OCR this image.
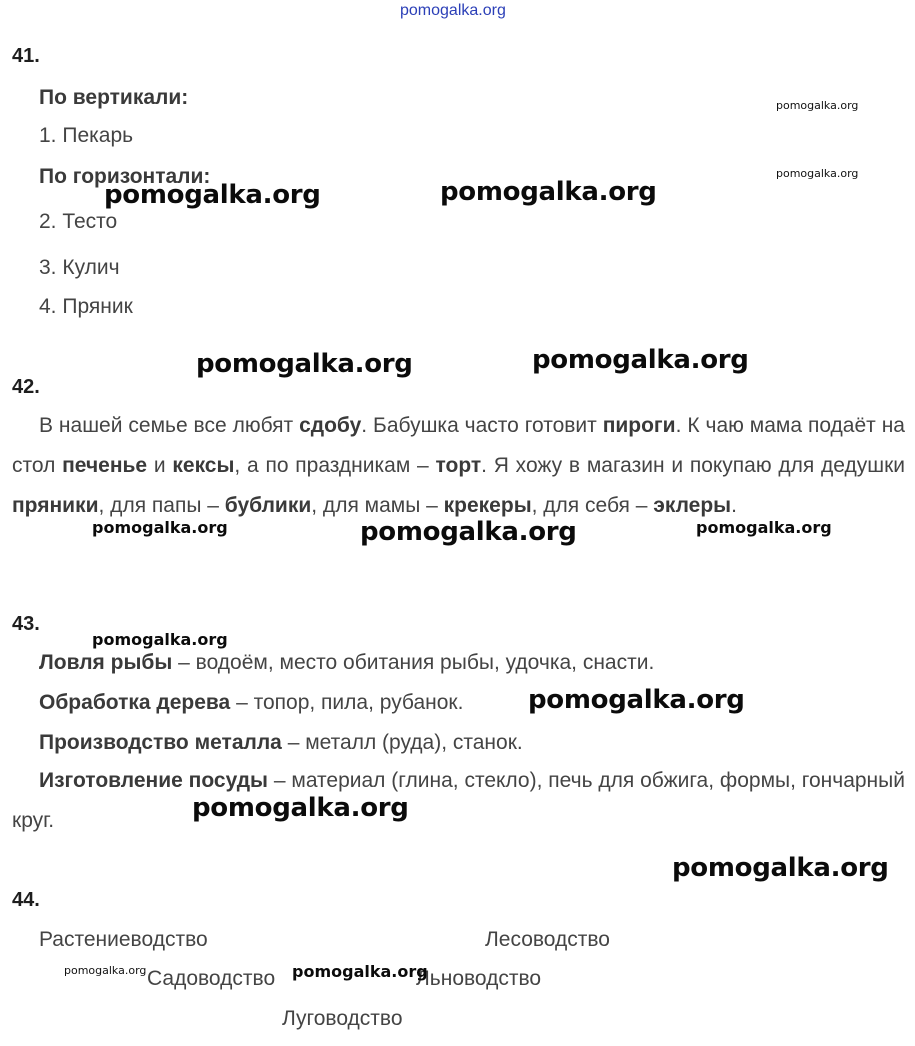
pomogalka.org
41.
По вертикали:
1. Пекарь
По горизонтали:
2. Тесто
3. Кулич
4. Пряник
42.
В нашей семье все любят сдобу. Бабушка часто готовит пироги. К чаю мама подаёт на стол печенье и кексы, а по праздникам – торт. Я хожу в магазин и покупаю для дедушки пряники, для папы – бублики, для мамы – крекеры, для себя – эклеры.
43.
Ловля рыбы – водоём, место обитания рыбы, удочка, снасти.
Обработка дерева – топор, пила, рубанок.
Производство металла – металл (руда), станок.
Изготовление посуды – материал (глина, стекло), печь для обжига, формы, гончарный круг.
44.
Растениеводство	Лесоводство
Садоводство	Льноводство
Луговодство
pomogalka.org
pomogalka.org
pomogalka.org	pomogalka.org
pomogalka.org	pomogalka.org
pomogalka.org	pomogalka.org	pomogalka.org
pomogalka.org
pomogalka.org
pomogalka.org
pomogalka.org
pomogalka.org	pomogalka.org
